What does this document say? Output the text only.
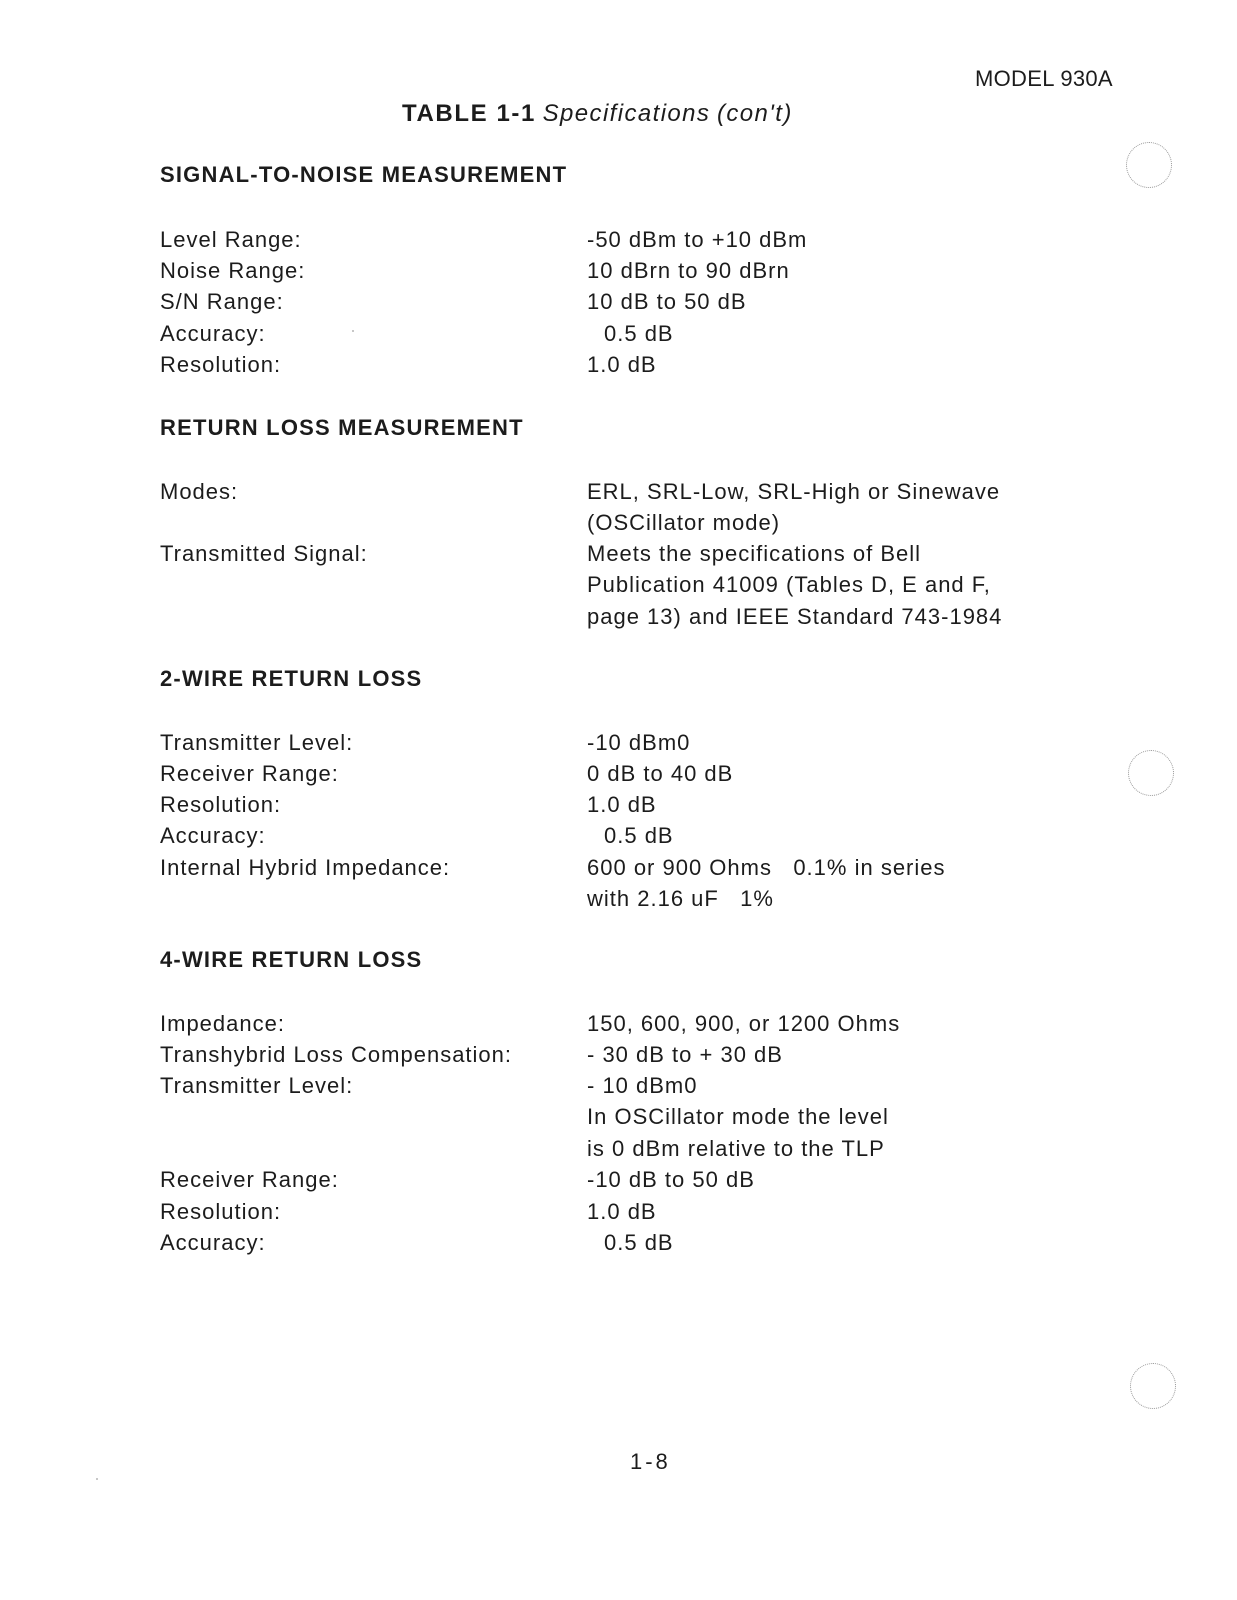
MODEL 930A
TABLE 1-1 Specifications (con't)
SIGNAL-TO-NOISE MEASUREMENT
Level Range:	-50 dBm to +10 dBm
Noise Range:	10 dBrn to 90 dBrn
S/N Range:	10 dB to 50 dB
Accuracy:	0.5 dB
Resolution:	1.0 dB
RETURN LOSS MEASUREMENT
Modes:	ERL, SRL-Low, SRL-High or Sinewave
(OSCillator mode)
Transmitted Signal:	Meets the specifications of Bell
Publication 41009 (Tables D, E and F,
page 13) and IEEE Standard 743-1984
2-WIRE RETURN LOSS
Transmitter Level:	-10 dBm0
Receiver Range:	0 dB to 40 dB
Resolution:	1.0 dB
Accuracy:	0.5 dB
Internal Hybrid Impedance:	600 or 900 Ohms   0.1% in series
with 2.16 uF   1%
4-WIRE RETURN LOSS
Impedance:	150, 600, 900, or 1200 Ohms
Transhybrid Loss Compensation:	- 30 dB to + 30 dB
Transmitter Level:	- 10 dBm0
In OSCillator mode the level
is 0 dBm relative to the TLP
Receiver Range:	-10 dB to 50 dB
Resolution:	1.0 dB
Accuracy:	0.5 dB
1-8
